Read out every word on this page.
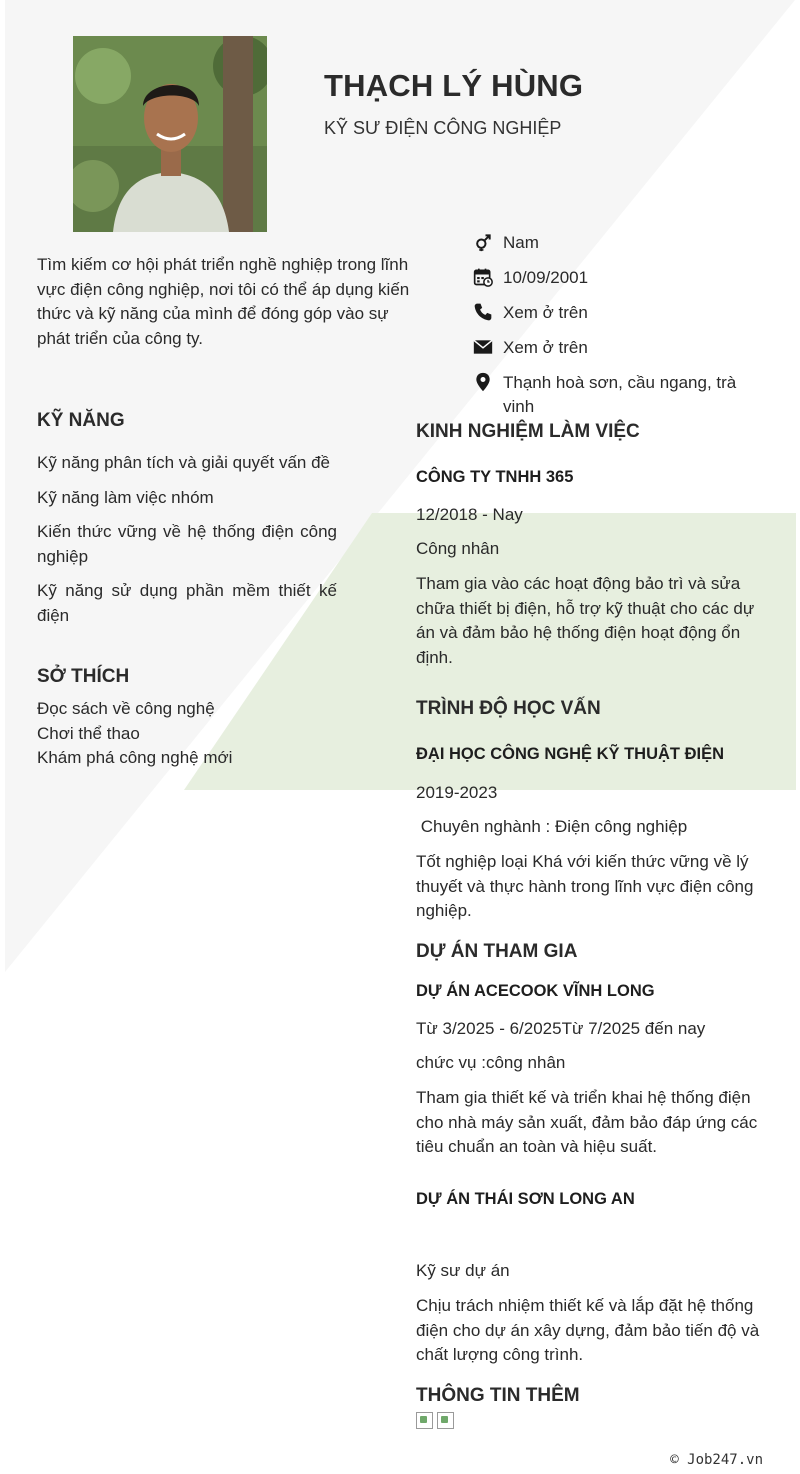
THẠCH LÝ HÙNG
KỸ SƯ ĐIỆN CÔNG NGHIỆP
Tìm kiếm cơ hội phát triển nghề nghiệp trong lĩnh vực điện công nghiệp, nơi tôi có thể áp dụng kiến thức và kỹ năng của mình để đóng góp vào sự phát triển của công ty.
Nam
10/09/2001
Xem ở trên
Xem ở trên
Thạnh hoà sơn, cầu ngang, trà vinh
KỸ NĂNG
Kỹ năng phân tích và giải quyết vấn đề
Kỹ năng làm việc nhóm
Kiến thức vững về hệ thống điện công nghiệp
Kỹ năng sử dụng phần mềm thiết kế điện
SỞ THÍCH
Đọc sách về công nghệ
Chơi thể thao
Khám phá công nghệ mới
KINH NGHIỆM LÀM VIỆC
CÔNG TY TNHH 365
12/2018 - Nay
Công nhân
Tham gia vào các hoạt động bảo trì và sửa chữa thiết bị điện, hỗ trợ kỹ thuật cho các dự án và đảm bảo hệ thống điện hoạt động ổn định.
TRÌNH ĐỘ HỌC VẤN
ĐẠI HỌC CÔNG NGHỆ KỸ THUẬT ĐIỆN
2019-2023
Chuyên nghành : Điện công nghiệp
Tốt nghiệp loại Khá với kiến thức vững về lý thuyết và thực hành trong lĩnh vực điện công nghiệp.
DỰ ÁN THAM GIA
DỰ ÁN ACECOOK VĨNH LONG
Từ 3/2025 - 6/2025Từ 7/2025 đến nay
chức vụ :công nhân
Tham gia thiết kế và triển khai hệ thống điện cho nhà máy sản xuất, đảm bảo đáp ứng các tiêu chuẩn an toàn và hiệu suất.
DỰ ÁN THÁI SƠN LONG AN
Kỹ sư dự án
Chịu trách nhiệm thiết kế và lắp đặt hệ thống điện cho dự án xây dựng, đảm bảo tiến độ và chất lượng công trình.
THÔNG TIN THÊM
© Job247.vn
